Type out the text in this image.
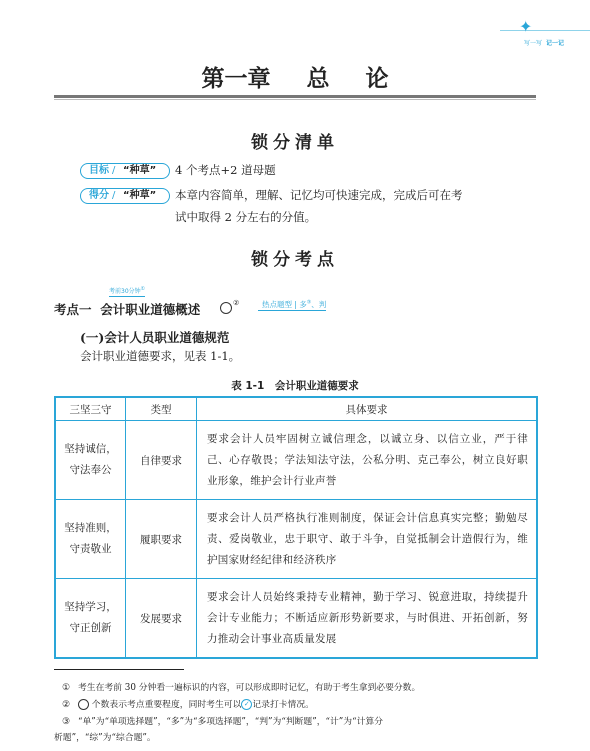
✦
写一写 记一记
第一章 总 论
锁分清单
目标 / “种草” 4 个考点+2 道母题
得分 / “种草” 本章内容简单，理解、记忆均可快速完成，完成后可在考
试中取得 2 分左右的分值。
锁分考点
考前30分钟①
考点一 会计职业道德概述	②	热点题型 | 多③、判
(一)会计人员职业道德规范
会计职业道德要求，见表 1-1。
表 1-1　会计职业道德要求
三坚三守	类型	具体要求

坚持诚信，
守法奉公	自律要求	要求会计人员牢固树立诚信理念，以诚立身、以信立业，严于律己、心存敬畏；学法知法守法，公私分明、克己奉公，树立良好职业形象，维护会计行业声誉

坚持准则，
守责敬业	履职要求	要求会计人员严格执行准则制度，保证会计信息真实完整；勤勉尽责、爱岗敬业，忠于职守、敢于斗争，自觉抵制会计造假行为，维护国家财经纪律和经济秩序

坚持学习，
守正创新	发展要求	要求会计人员始终秉持专业精神，勤于学习、锐意进取，持续提升会计专业能力；不断适应新形势新要求，与时俱进、开拓创新，努力推动会计事业高质量发展
① 考生在考前 30 分钟看一遍标识的内容，可以形成即时记忆，有助于考生拿到必要分数。
② 个数表示考点重要程度，同时考生可以 ✓ 记录打卡情况。
③ “单”为“单项选择题”，“多”为“多项选择题”，“判”为“判断题”，“计”为“计算分
析题”，“综”为“综合题”。
